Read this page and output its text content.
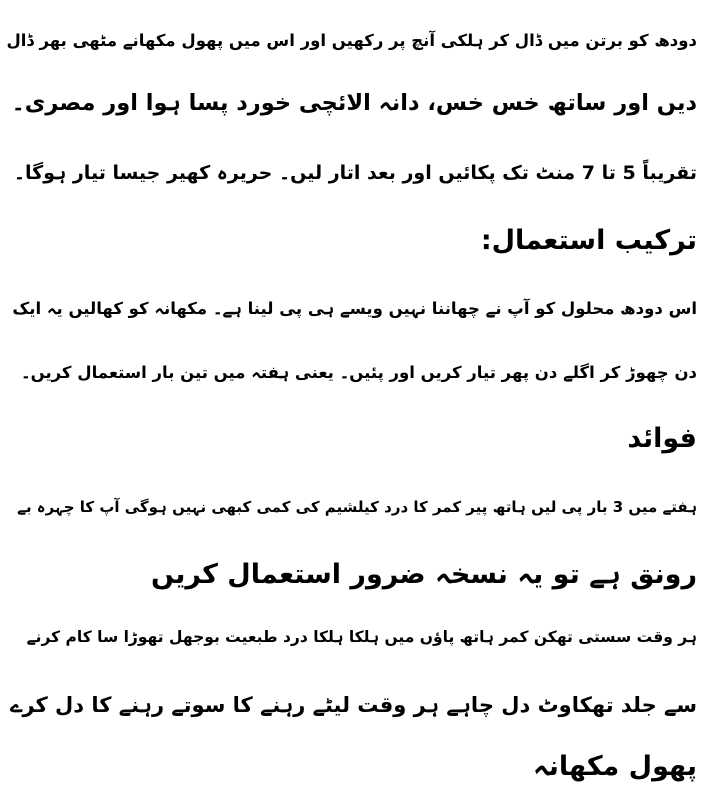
دودھ کو برتن میں ڈال کر ہلکی آنچ پر رکھیں اور اس میں پھول مکھانے مٹھی بھر ڈال
دیں اور ساتھ خس خس، دانہ الائچی خورد پسا ہوا اور مصری۔
تقریباً 5 تا 7 منٹ تک پکائیں اور بعد اتار لیں۔ حریرہ کھیر جیسا تیار ہوگا۔
ترکیب استعمال:
اس دودھ محلول کو آپ نے چھاننا نہیں ویسے ہی پی لینا ہے۔ مکھانہ کو کھالیں یہ ایک
دن چھوڑ کر اگلے دن پھر تیار کریں اور پئیں۔ یعنی ہفتہ میں تین بار استعمال کریں۔
فوائد
ہفتے میں 3 بار پی لیں ہاتھ پیر کمر کا درد کیلشیم کی کمی کبھی نہیں ہوگی آپ کا چہرہ بے
رونق ہے تو یہ نسخہ ضرور استعمال کریں
ہر وقت سستی تھکن کمر ہاتھ پاؤں میں ہلکا ہلکا درد طبعیت بوجھل تھوڑا سا کام کرنے
سے جلد تھکاوٹ دل چاہے ہر وقت لیٹے رہنے کا سوتے رہنے کا دل کرے
پھول مکھانہ
